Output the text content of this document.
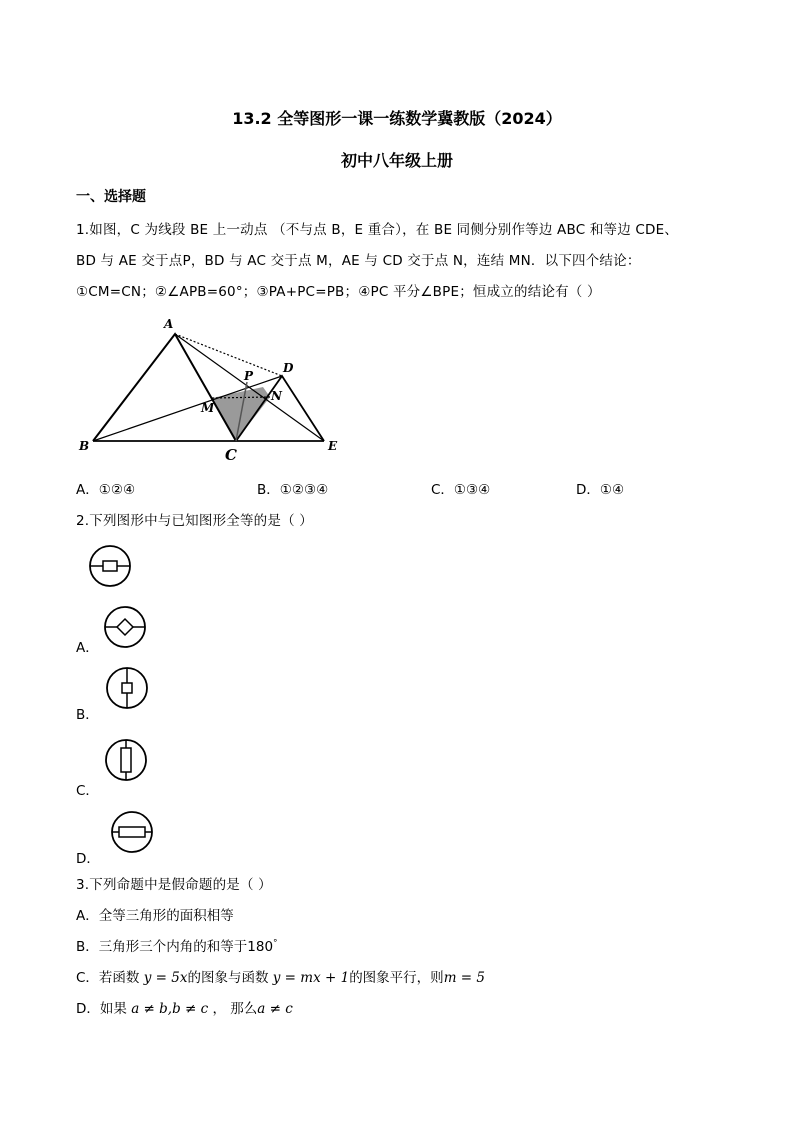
13.2 全等图形一课一练数学冀教版（2024）
初中八年级上册
一、选择题
1.如图，C 为线段 BE 上一动点 （不与点 B，E 重合），在 BE 同侧分别作等边 ABC 和等边 CDE、
BD 与 AE 交于点P，BD 与 AC 交于点 M，AE 与 CD 交于点 N，连结 MN．以下四个结论：
①CM=CN；②∠APB=60°；③PA+PC=PB；④PC 平分∠BPE；恒成立的结论有（ ）
A
B	C
D
E
P
M
N
A．①②④	B．①②③④	C．①③④	D．①④
2.下列图形中与已知图形全等的是（ ）
A．
B．
C．
D．
3.下列命题中是假命题的是（ ）
A．全等三角形的面积相等
B．三角形三个内角的和等于180°
C．若函数 y = 5x的图象与函数 y = mx + 1的图象平行，则m = 5
D．如果 a ≠ b,b ≠ c ， 那么a ≠ c
